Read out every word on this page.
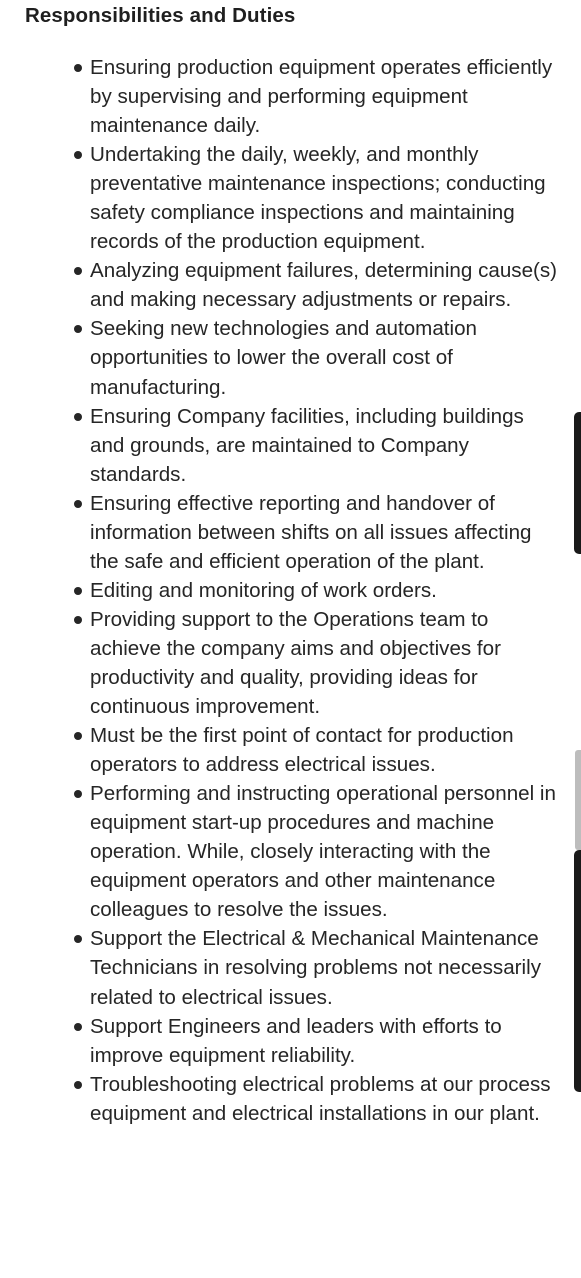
Responsibilities and Duties
Ensuring production equipment operates efficiently by supervising and performing equipment maintenance daily.
Undertaking the daily, weekly, and monthly preventative maintenance inspections; conducting safety compliance inspections and maintaining records of the production equipment.
Analyzing equipment failures, determining cause(s) and making necessary adjustments or repairs.
Seeking new technologies and automation opportunities to lower the overall cost of manufacturing.
Ensuring Company facilities, including buildings and grounds, are maintained to Company standards.
Ensuring effective reporting and handover of information between shifts on all issues affecting the safe and efficient operation of the plant.
Editing and monitoring of work orders.
Providing support to the Operations team to achieve the company aims and objectives for productivity and quality, providing ideas for continuous improvement.
Must be the first point of contact for production operators to address electrical issues.
Performing and instructing operational personnel in equipment start-up procedures and machine operation. While, closely interacting with the equipment operators and other maintenance colleagues to resolve the issues.
Support the Electrical & Mechanical Maintenance Technicians in resolving problems not necessarily related to electrical issues.
Support Engineers and leaders with efforts to improve equipment reliability.
Troubleshooting electrical problems at our process equipment and electrical installations in our plant.
